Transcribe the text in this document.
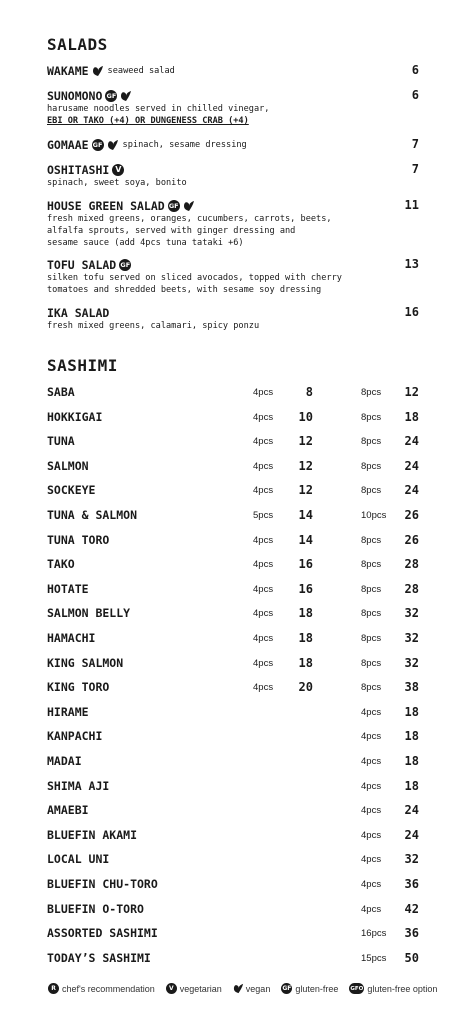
SALADS
WAKAME seaweed salad	6
SUNOMONO GF	6
harusame noodles served in chilled vinegar,
EBI OR TAKO (+4) OR DUNGENESS CRAB (+4)
GOMAAE GF spinach, sesame dressing	7
OSHITASHI V	7
spinach, sweet soya, bonito
HOUSE GREEN SALAD GF	11
fresh mixed greens, oranges, cucumbers, carrots, beets,
alfalfa sprouts, served with ginger dressing and
sesame sauce (add 4pcs tuna tataki +6)
TOFU SALAD GF	13
silken tofu served on sliced avocados, topped with cherry
tomatoes and shredded beets, with sesame soy dressing
IKA SALAD	16
fresh mixed greens, calamari, spicy ponzu
SASHIMI
SABA	4pcs	8	8pcs 12
HOKKIGAI	4pcs	10	8pcs 18
TUNA	4pcs	12	8pcs 24
SALMON	4pcs	12	8pcs 24
SOCKEYE	4pcs	12	8pcs 24
TUNA & SALMON	5pcs	14	10pcs 26
TUNA TORO	4pcs	14	8pcs 26
TAKO	4pcs	16	8pcs 28
HOTATE	4pcs	16	8pcs 28
SALMON BELLY	4pcs	18	8pcs 32
HAMACHI	4pcs	18	8pcs 32
KING SALMON	4pcs	18	8pcs 32
KING TORO	4pcs	20	8pcs 38
HIRAME	4pcs 18
KANPACHI	4pcs 18
MADAI	4pcs 18
SHIMA AJI	4pcs 18
AMAEBI	4pcs 24
BLUEFIN AKAMI	4pcs 24
LOCAL UNI	4pcs 32
BLUEFIN CHU-TORO	4pcs 36
BLUEFIN O-TORO	4pcs 42
ASSORTED SASHIMI	16pcs 36
TODAY’S SASHIMI	15pcs 50
R chef's recommendation	V vegetarian	vegan GF gluten-free GFO gluten-free option
